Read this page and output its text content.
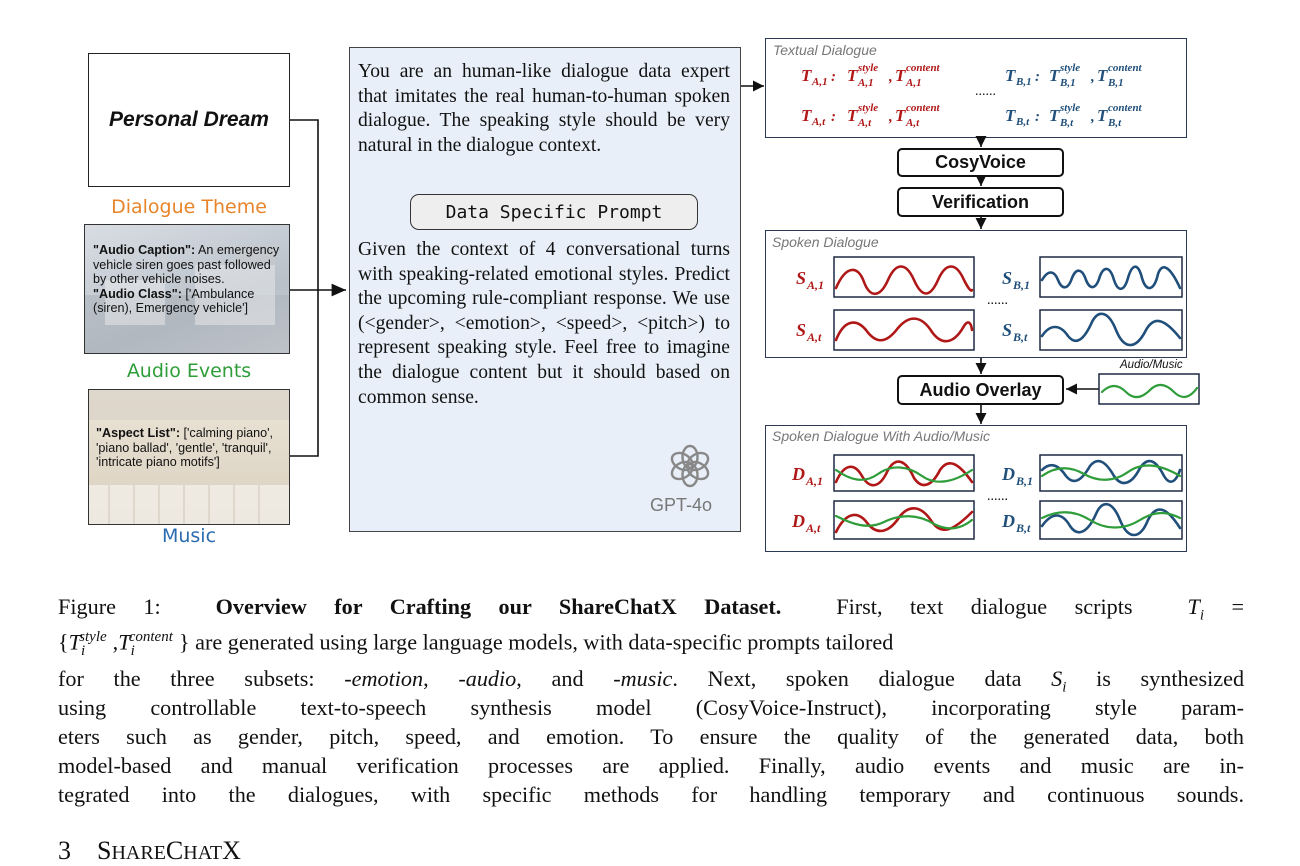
Personal Dream
Dialogue Theme
"Audio Caption": An emergency vehicle siren goes past followed by other vehicle noises.
"Audio Class": ['Ambulance (siren), Emergency vehicle']
Audio Events
"Aspect List": ['calming piano', 'piano ballad', 'gentle', 'tranquil', 'intricate piano motifs']
Music
You are an human-like dialogue data expert that imitates the real human-to-human spoken dialogue. The speaking style should be very natural in the dialogue context.
Data Specific Prompt
Given the context of 4 conversational turns with speaking-related emotional styles. Predict the upcoming rule-compliant response. We use (<gender>, <emotion>, <speed>, <pitch>) to represent speaking style. Feel free to imagine the dialogue content but it should based on common sense.
GPT-4o
Textual Dialogue
T A,1 : T style
A,1 , T content
A,1	T B,1 : T style
B,1 , T content
B,1
T A,t : T style
A,t , T content
A,t	T B,t : T style
B,t , T content
B,t
......
CosyVoice
Verification
Spoken Dialogue
Audio Overlay
Audio/Music
Spoken Dialogue With Audio/Music
S A,1
S A,t
D A,1
D A,t
S B,1
S B,t
D B,1
D B,t
......
......
Figure 1: Overview for Crafting our ShareChatX Dataset. First, text dialogue scripts $T_i$ =
{$T_i^{style}$ $,T_i^{content}$ } are generated using large language models, with data-specific prompts tailored
for the three subsets: -emotion, -audio, and -music. Next, spoken dialogue data $S_i$ is synthesized
using controllable text-to-speech synthesis model (CosyVoice-Instruct), incorporating style param-
eters such as gender, pitch, speed, and emotion. To ensure the quality of the generated data, both
model-based and manual verification processes are applied. Finally, audio events and music are in-
tegrated into the dialogues, with specific methods for handling temporary and continuous sounds.
3 SHARECHATX
